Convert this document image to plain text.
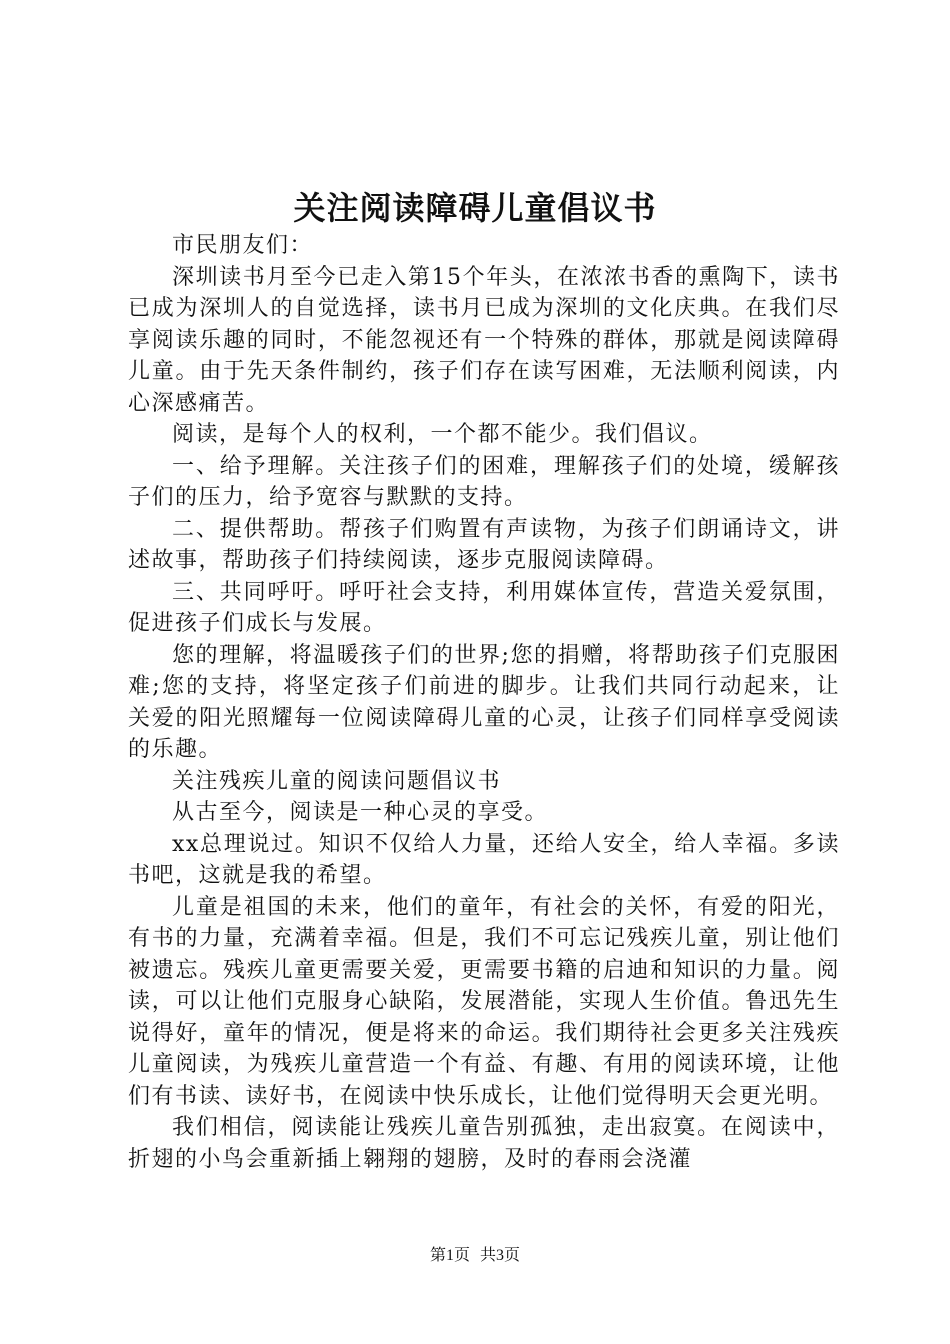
关注阅读障碍儿童倡议书

市民朋友们：

深圳读书月至今已走入第15个年头，在浓浓书香的熏陶下，读书已成为深圳人的自觉选择，读书月已成为深圳的文化庆典。在我们尽享阅读乐趣的同时，不能忽视还有一个特殊的群体，那就是阅读障碍儿童。由于先天条件制约，孩子们存在读写困难，无法顺利阅读，内心深感痛苦。

阅读，是每个人的权利，一个都不能少。我们倡议。

一、给予理解。关注孩子们的困难，理解孩子们的处境，缓解孩子们的压力，给予宽容与默默的支持。

二、提供帮助。帮孩子们购置有声读物，为孩子们朗诵诗文，讲述故事，帮助孩子们持续阅读，逐步克服阅读障碍。

三、共同呼吁。呼吁社会支持，利用媒体宣传，营造关爱氛围，促进孩子们成长与发展。

您的理解，将温暖孩子们的世界;您的捐赠，将帮助孩子们克服困难;您的支持，将坚定孩子们前进的脚步。让我们共同行动起来，让关爱的阳光照耀每一位阅读障碍儿童的心灵，让孩子们同样享受阅读的乐趣。

关注残疾儿童的阅读问题倡议书

从古至今，阅读是一种心灵的享受。

xx总理说过。知识不仅给人力量，还给人安全，给人幸福。多读书吧，这就是我的希望。

儿童是祖国的未来，他们的童年，有社会的关怀，有爱的阳光，有书的力量，充满着幸福。但是，我们不可忘记残疾儿童，别让他们被遗忘。残疾儿童更需要关爱，更需要书籍的启迪和知识的力量。阅读，可以让他们克服身心缺陷，发展潜能，实现人生价值。鲁迅先生说得好，童年的情况，便是将来的命运。我们期待社会更多关注残疾儿童阅读，为残疾儿童营造一个有益、有趣、有用的阅读环境，让他们有书读、读好书，在阅读中快乐成长，让他们觉得明天会更光明。

我们相信，阅读能让残疾儿童告别孤独，走出寂寞。在阅读中，折翅的小鸟会重新插上翱翔的翅膀，及时的春雨会浇灌

第1页 共3页
